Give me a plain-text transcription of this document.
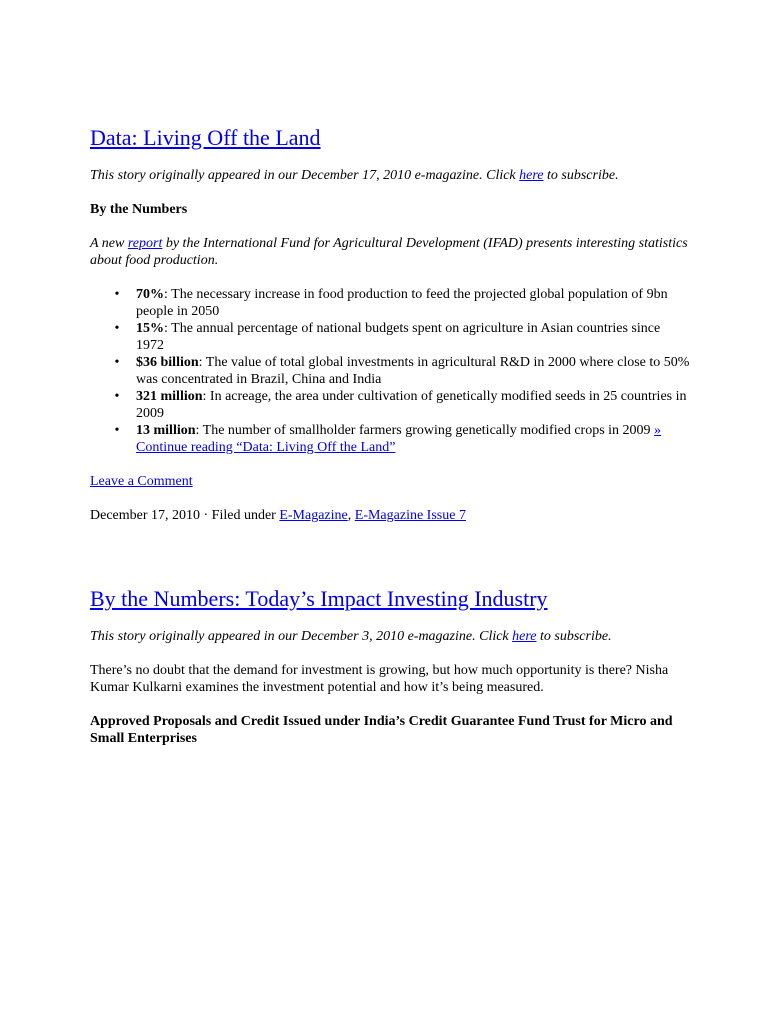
Data: Living Off the Land

This story originally appeared in our December 17, 2010 e-magazine. Click here to subscribe.

By the Numbers

A new report by the International Fund for Agricultural Development (IFAD) presents interesting statistics about food production.

• 70%: The necessary increase in food production to feed the projected global population of 9bn people in 2050
• 15%: The annual percentage of national budgets spent on agriculture in Asian countries since 1972
• $36 billion: The value of total global investments in agricultural R&D in 2000 where close to 50% was concentrated in Brazil, China and India
• 321 million: In acreage, the area under cultivation of genetically modified seeds in 25 countries in 2009
• 13 million: The number of smallholder farmers growing genetically modified crops in 2009 » Continue reading “Data: Living Off the Land”

Leave a Comment

December 17, 2010 · Filed under E-Magazine, E-Magazine Issue 7

By the Numbers: Today’s Impact Investing Industry

This story originally appeared in our December 3, 2010 e-magazine. Click here to subscribe.

There’s no doubt that the demand for investment is growing, but how much opportunity is there? Nisha Kumar Kulkarni examines the investment potential and how it’s being measured.

Approved Proposals and Credit Issued under India’s Credit Guarantee Fund Trust for Micro and Small Enterprises
